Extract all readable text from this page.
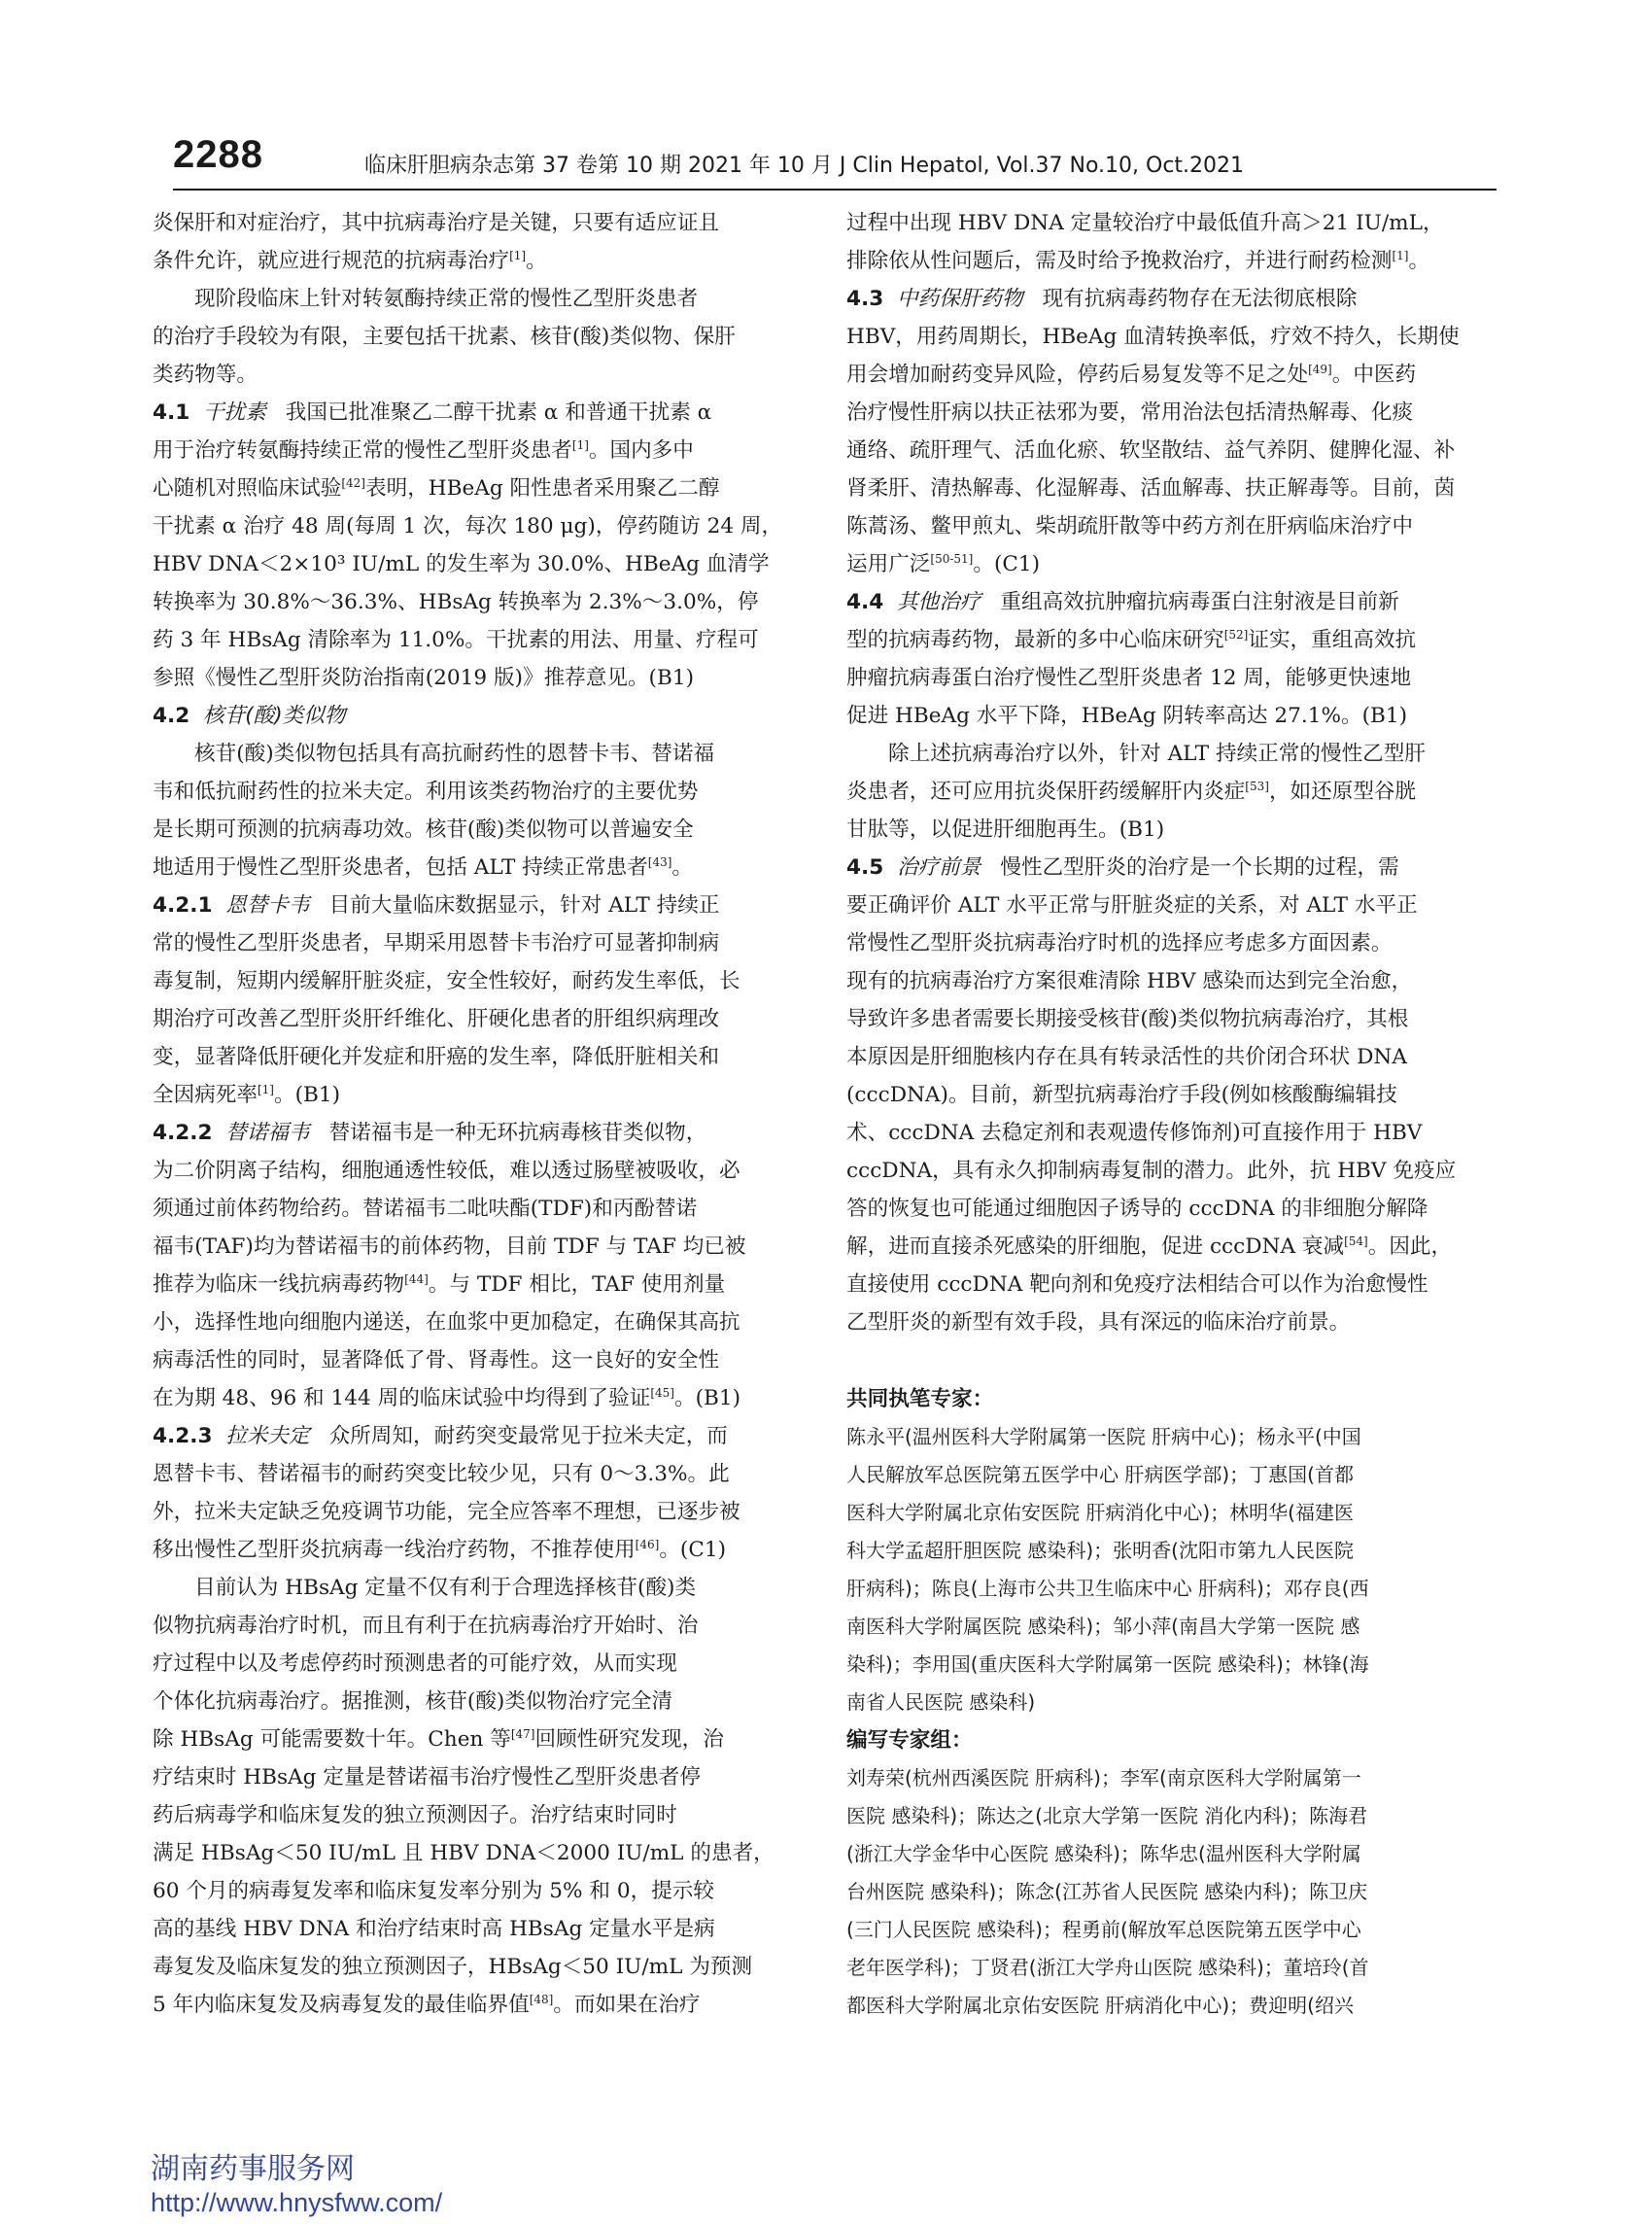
2288	临床肝胆病杂志第 37 卷第 10 期 2021 年 10 月 J Clin Hepatol, Vol.37 No.10, Oct.2021

炎保肝和对症治疗，其中抗病毒治疗是关键，只要有适应证且

条件允许，就应进行规范的抗病毒治疗[1]。

现阶段临床上针对转氨酶持续正常的慢性乙型肝炎患者

的治疗手段较为有限，主要包括干扰素、核苷(酸)类似物、保肝

类药物等。

4.1 干扰素 我国已批准聚乙二醇干扰素 α 和普通干扰素 α

用于治疗转氨酶持续正常的慢性乙型肝炎患者[1]。国内多中

心随机对照临床试验[42]表明，HBeAg 阳性患者采用聚乙二醇

干扰素 α 治疗 48 周(每周 1 次，每次 180 μg)，停药随访 24 周，

HBV DNA＜2×10³ IU/mL 的发生率为 30.0%、HBeAg 血清学

转换率为 30.8%～36.3%、HBsAg 转换率为 2.3%～3.0%，停

药 3 年 HBsAg 清除率为 11.0%。干扰素的用法、用量、疗程可

参照《慢性乙型肝炎防治指南(2019 版)》推荐意见。(B1)

4.2 核苷(酸)类似物

核苷(酸)类似物包括具有高抗耐药性的恩替卡韦、替诺福

韦和低抗耐药性的拉米夫定。利用该类药物治疗的主要优势

是长期可预测的抗病毒功效。核苷(酸)类似物可以普遍安全

地适用于慢性乙型肝炎患者，包括 ALT 持续正常患者[43]。

4.2.1 恩替卡韦 目前大量临床数据显示，针对 ALT 持续正

常的慢性乙型肝炎患者，早期采用恩替卡韦治疗可显著抑制病

毒复制，短期内缓解肝脏炎症，安全性较好，耐药发生率低，长

期治疗可改善乙型肝炎肝纤维化、肝硬化患者的肝组织病理改

变，显著降低肝硬化并发症和肝癌的发生率，降低肝脏相关和

全因病死率[1]。(B1)

4.2.2 替诺福韦 替诺福韦是一种无环抗病毒核苷类似物，

为二价阴离子结构，细胞通透性较低，难以透过肠壁被吸收，必

须通过前体药物给药。替诺福韦二吡呋酯(TDF)和丙酚替诺

福韦(TAF)均为替诺福韦的前体药物，目前 TDF 与 TAF 均已被

推荐为临床一线抗病毒药物[44]。与 TDF 相比，TAF 使用剂量

小，选择性地向细胞内递送，在血浆中更加稳定，在确保其高抗

病毒活性的同时，显著降低了骨、肾毒性。这一良好的安全性

在为期 48、96 和 144 周的临床试验中均得到了验证[45]。(B1)

4.2.3 拉米夫定 众所周知，耐药突变最常见于拉米夫定，而

恩替卡韦、替诺福韦的耐药突变比较少见，只有 0～3.3%。此

外，拉米夫定缺乏免疫调节功能，完全应答率不理想，已逐步被

移出慢性乙型肝炎抗病毒一线治疗药物，不推荐使用[46]。(C1)

目前认为 HBsAg 定量不仅有利于合理选择核苷(酸)类

似物抗病毒治疗时机，而且有利于在抗病毒治疗开始时、治

疗过程中以及考虑停药时预测患者的可能疗效，从而实现

个体化抗病毒治疗。据推测，核苷(酸)类似物治疗完全清

除 HBsAg 可能需要数十年。Chen 等[47]回顾性研究发现，治

疗结束时 HBsAg 定量是替诺福韦治疗慢性乙型肝炎患者停

药后病毒学和临床复发的独立预测因子。治疗结束时同时

满足 HBsAg＜50 IU/mL 且 HBV DNA＜2000 IU/mL 的患者，

60 个月的病毒复发率和临床复发率分别为 5% 和 0，提示较

高的基线 HBV DNA 和治疗结束时高 HBsAg 定量水平是病

毒复发及临床复发的独立预测因子，HBsAg＜50 IU/mL 为预测

5 年内临床复发及病毒复发的最佳临界值[48]。而如果在治疗

过程中出现 HBV DNA 定量较治疗中最低值升高＞21 IU/mL，

排除依从性问题后，需及时给予挽救治疗，并进行耐药检测[1]。

4.3 中药保肝药物 现有抗病毒药物存在无法彻底根除

HBV，用药周期长，HBeAg 血清转换率低，疗效不持久，长期使

用会增加耐药变异风险，停药后易复发等不足之处[49]。中医药

治疗慢性肝病以扶正祛邪为要，常用治法包括清热解毒、化痰

通络、疏肝理气、活血化瘀、软坚散结、益气养阴、健脾化湿、补

肾柔肝、清热解毒、化湿解毒、活血解毒、扶正解毒等。目前，茵

陈蒿汤、鳖甲煎丸、柴胡疏肝散等中药方剂在肝病临床治疗中

运用广泛[50-51]。(C1)

4.4 其他治疗 重组高效抗肿瘤抗病毒蛋白注射液是目前新

型的抗病毒药物，最新的多中心临床研究[52]证实，重组高效抗

肿瘤抗病毒蛋白治疗慢性乙型肝炎患者 12 周，能够更快速地

促进 HBeAg 水平下降，HBeAg 阴转率高达 27.1%。(B1)

除上述抗病毒治疗以外，针对 ALT 持续正常的慢性乙型肝

炎患者，还可应用抗炎保肝药缓解肝内炎症[53]，如还原型谷胱

甘肽等，以促进肝细胞再生。(B1)

4.5 治疗前景 慢性乙型肝炎的治疗是一个长期的过程，需

要正确评价 ALT 水平正常与肝脏炎症的关系，对 ALT 水平正

常慢性乙型肝炎抗病毒治疗时机的选择应考虑多方面因素。

现有的抗病毒治疗方案很难清除 HBV 感染而达到完全治愈，

导致许多患者需要长期接受核苷(酸)类似物抗病毒治疗，其根

本原因是肝细胞核内存在具有转录活性的共价闭合环状 DNA

(cccDNA)。目前，新型抗病毒治疗手段(例如核酸酶编辑技

术、cccDNA 去稳定剂和表观遗传修饰剂)可直接作用于 HBV

cccDNA，具有永久抑制病毒复制的潜力。此外，抗 HBV 免疫应

答的恢复也可能通过细胞因子诱导的 cccDNA 的非细胞分解降

解，进而直接杀死感染的肝细胞，促进 cccDNA 衰减[54]。因此，

直接使用 cccDNA 靶向剂和免疫疗法相结合可以作为治愈慢性

乙型肝炎的新型有效手段，具有深远的临床治疗前景。

共同执笔专家：
陈永平(温州医科大学附属第一医院 肝病中心)；杨永平(中国
人民解放军总医院第五医学中心 肝病医学部)；丁惠国(首都
医科大学附属北京佑安医院 肝病消化中心)；林明华(福建医
科大学孟超肝胆医院 感染科)；张明香(沈阳市第九人民医院
肝病科)；陈良(上海市公共卫生临床中心 肝病科)；邓存良(西
南医科大学附属医院 感染科)；邹小萍(南昌大学第一医院 感
染科)；李用国(重庆医科大学附属第一医院 感染科)；林锋(海
南省人民医院 感染科)
编写专家组：
刘寿荣(杭州西溪医院 肝病科)；李军(南京医科大学附属第一
医院 感染科)；陈达之(北京大学第一医院 消化内科)；陈海君
(浙江大学金华中心医院 感染科)；陈华忠(温州医科大学附属
台州医院 感染科)；陈念(江苏省人民医院 感染内科)；陈卫庆
(三门人民医院 感染科)；程勇前(解放军总医院第五医学中心
老年医学科)；丁贤君(浙江大学舟山医院 感染科)；董培玲(首
都医科大学附属北京佑安医院 肝病消化中心)；费迎明(绍兴
湖南药事服务网
http://www.hnysfww.com/
